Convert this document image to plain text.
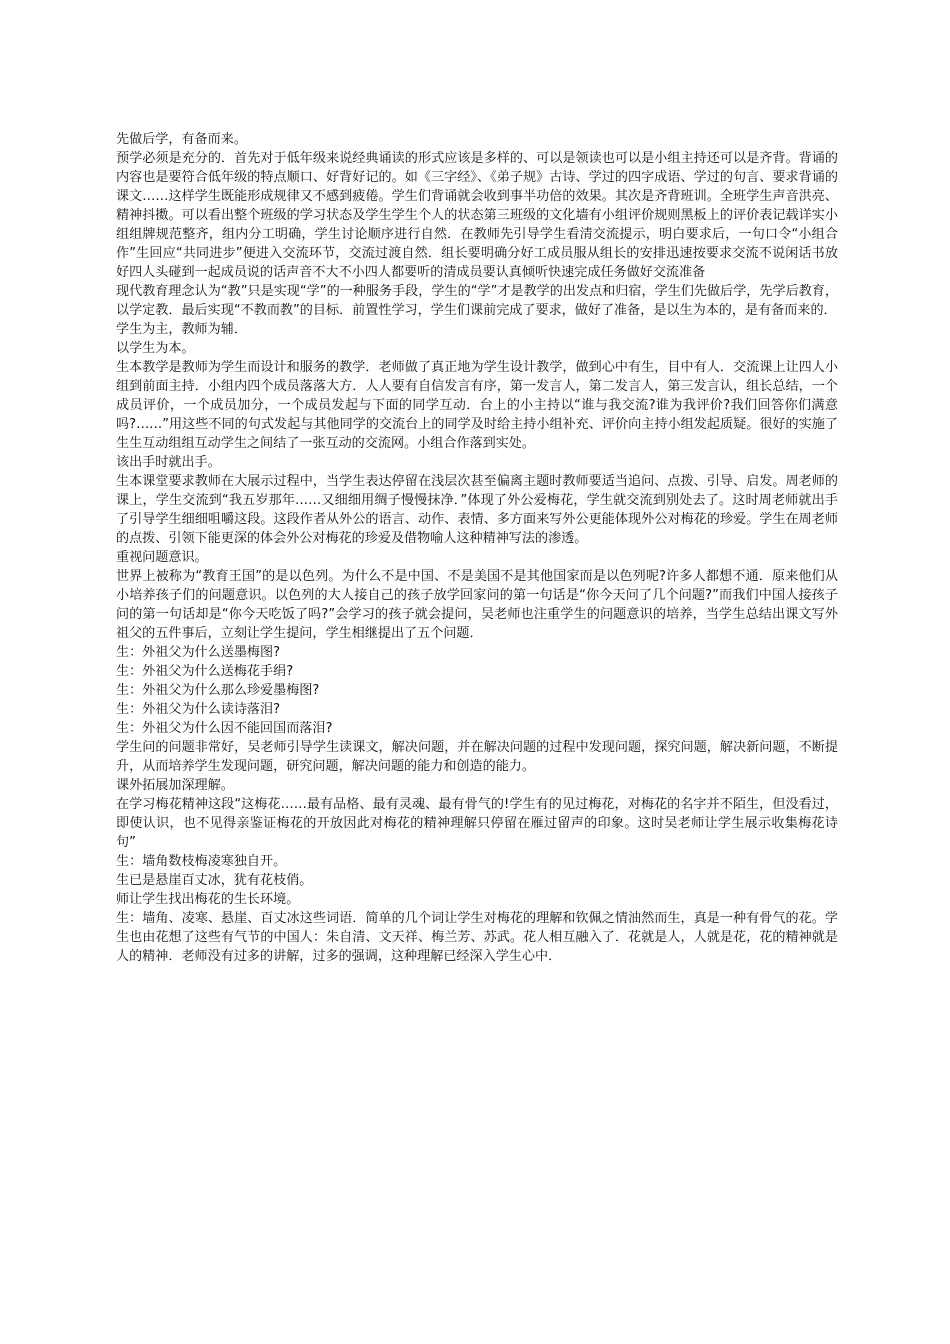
先做后学，有备而来。

预学必须是充分的．首先对于低年级来说经典诵读的形式应该是多样的、可以是领读也可以是小组主持还可以是齐背。背诵的内容也是要符合低年级的特点顺口、好背好记的。如《三字经》、《弟子规》古诗、学过的四字成语、学过的句言、要求背诵的课文……这样学生既能形成规律又不感到疲倦。学生们背诵就会收到事半功倍的效果。其次是齐背班训。全班学生声音洪亮、精神抖擞。可以看出整个班级的学习状态及学生学生个人的状态第三班级的文化墙有小组评价规则黑板上的评价表记载详实小组组牌规范整齐，组内分工明确，学生讨论顺序进行自然．在教师先引导学生看清交流提示，明白要求后，一句口令“小组合作”生回应“共同进步”便进入交流环节，交流过渡自然．组长要明确分好工成员服从组长的安排迅速按要求交流不说闲话书放好四人头碰到一起成员说的话声音不大不小四人都要听的清成员要认真倾听快速完成任务做好交流准备

现代教育理念认为“教”只是实现“学”的一种服务手段，学生的“学”才是教学的出发点和归宿，学生们先做后学，先学后教育，以学定教．最后实现“不教而教”的目标．前置性学习，学生们课前完成了要求，做好了准备，是以生为本的，是有备而来的．

学生为主，教师为辅．

以学生为本。

生本教学是教师为学生而设计和服务的教学．老师做了真正地为学生设计教学，做到心中有生，目中有人．交流课上让四人小组到前面主持．小组内四个成员落落大方．人人要有自信发言有序，第一发言人，第二发言人，第三发言认，组长总结，一个成员评价，一个成员加分，一个成员发起与下面的同学互动．台上的小主持以“谁与我交流?谁为我评价?我们回答你们满意吗?……”用这些不同的句式发起与其他同学的交流台上的同学及时给主持小组补充、评价向主持小组发起质疑。很好的实施了生生互动组组互动学生之间结了一张互动的交流网。小组合作落到实处。

该出手时就出手。

生本课堂要求教师在大展示过程中，当学生表达停留在浅层次甚至偏离主题时教师要适当追问、点拨、引导、启发。周老师的课上，学生交流到“我五岁那年……又细细用绸子慢慢抹净．”体现了外公爱梅花，学生就交流到别处去了。这时周老师就出手了引导学生细细咀嚼这段。这段作者从外公的语言、动作、表情、多方面来写外公更能体现外公对梅花的珍爱。学生在周老师的点拨、引领下能更深的体会外公对梅花的珍爱及借物喻人这种精神写法的渗透。

重视问题意识。

世界上被称为“教育王国”的是以色列。为什么不是中国、不是美国不是其他国家而是以色列呢?许多人都想不通．原来他们从小培养孩子们的问题意识。以色列的大人接自己的孩子放学回家问的第一句话是“你今天问了几个问题?”而我们中国人接孩子问的第一句话却是“你今天吃饭了吗?”会学习的孩子就会提问，吴老师也注重学生的问题意识的培养，当学生总结出课文写外祖父的五件事后，立刻让学生提问，学生相继提出了五个问题．

生：外祖父为什么送墨梅图?

生：外祖父为什么送梅花手绢?

生：外祖父为什么那么珍爱墨梅图?

生：外祖父为什么读诗落泪?

生：外祖父为什么因不能回国而落泪?

学生问的问题非常好，吴老师引导学生读课文，解决问题，并在解决问题的过程中发现问题，探究问题，解决新问题，不断提升，从而培养学生发现问题，研究问题，解决问题的能力和创造的能力。

课外拓展加深理解。

在学习梅花精神这段“这梅花……最有品格、最有灵魂、最有骨气的!学生有的见过梅花，对梅花的名字并不陌生，但没看过，即使认识，也不见得亲鉴证梅花的开放因此对梅花的精神理解只停留在雁过留声的印象。这时吴老师让学生展示收集梅花诗句”

生：墙角数枝梅凌寒独自开。

生已是悬崖百丈冰，犹有花枝俏。

师让学生找出梅花的生长环境。

生：墙角、凌寒、悬崖、百丈冰这些词语．简单的几个词让学生对梅花的理解和钦佩之情油然而生，真是一种有骨气的花。学生也由花想了这些有气节的中国人：朱自清、文天祥、梅兰芳、苏武。花人相互融入了．花就是人，人就是花，花的精神就是人的精神．老师没有过多的讲解，过多的强调，这种理解已经深入学生心中．
